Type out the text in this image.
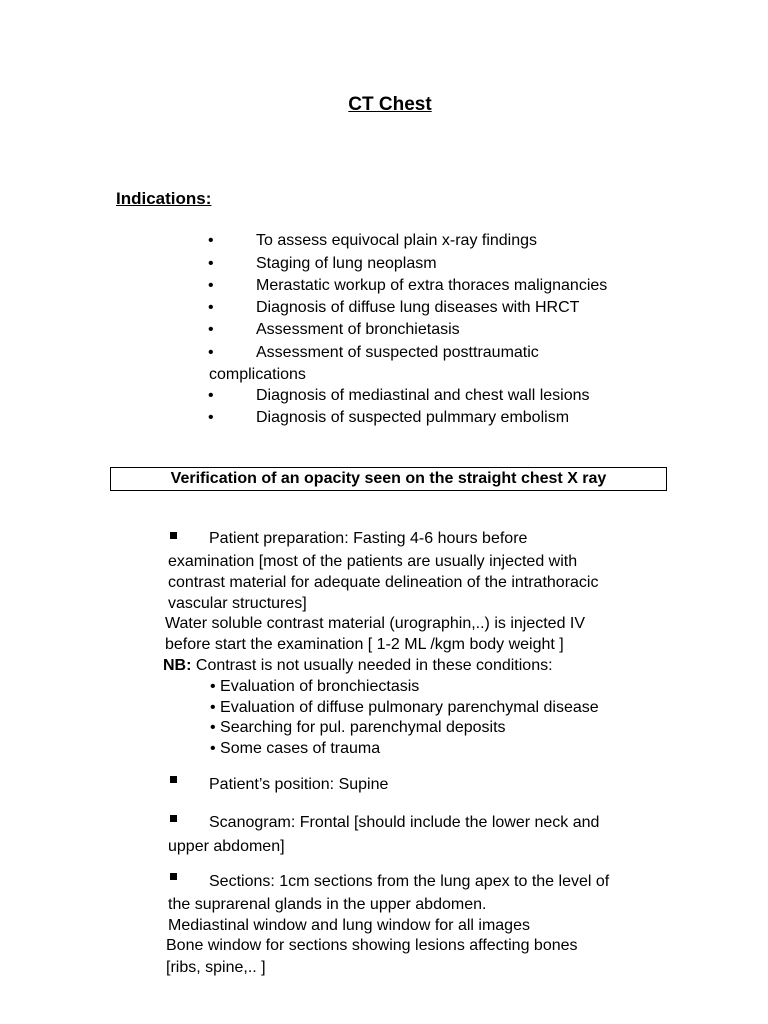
CT Chest
Indications:
•	To assess equivocal plain x-ray findings
•	Staging of lung neoplasm
•	Merastatic workup of extra thoraces malignancies
•	Diagnosis of diffuse lung diseases with HRCT
•	Assessment of bronchietasis
•	Assessment of suspected posttraumatic
complications
•	Diagnosis of mediastinal and chest wall lesions
•	Diagnosis of suspected pulmmary embolism
Verification of an opacity seen on the straight chest X ray
Patient preparation: Fasting 4-6 hours before
examination [most of the patients are usually injected with
contrast material for adequate delineation of the intrathoracic
vascular structures]
Water soluble contrast material (urographin,..) is injected IV
before start the examination [ 1-2 ML /kgm body weight ]
NB: Contrast is not usually needed in these conditions:
• Evaluation of bronchiectasis
• Evaluation of diffuse pulmonary parenchymal disease
• Searching for pul. parenchymal deposits
• Some cases of trauma
Patient’s position: Supine
Scanogram: Frontal [should include the lower neck and
upper abdomen]
Sections: 1cm sections from the lung apex to the level of
the suprarenal glands in the upper abdomen.
Mediastinal window and lung window for all images
Bone window for sections showing lesions affecting bones
[ribs, spine,.. ]
